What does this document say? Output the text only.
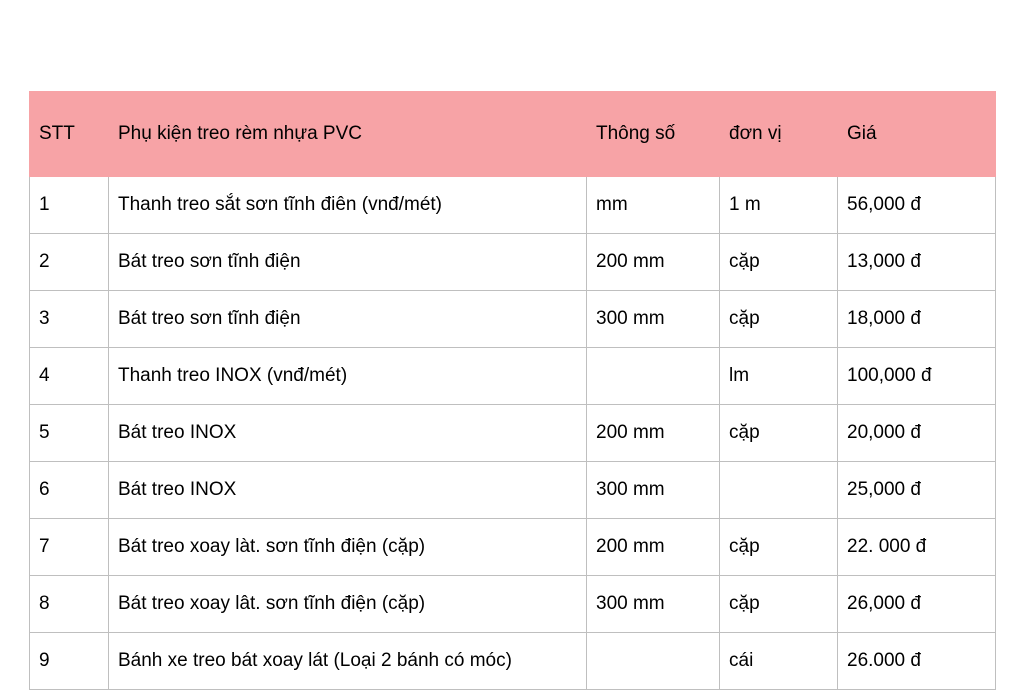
STT	Phụ kiện treo rèm nhựa PVC	Thông số	đơn vị	Giá
1	Thanh treo sắt sơn tĩnh điên (vnđ/mét)	mm	1 m	56,000 đ
2	Bát treo sơn tĩnh điện	200 mm	cặp	13,000 đ
3	Bát treo sơn tĩnh điện	300 mm	cặp	18,000 đ
4	Thanh treo INOX (vnđ/mét)		lm	100,000 đ
5	Bát treo INOX	200 mm	cặp	20,000 đ
6	Bát treo INOX	300 mm		25,000 đ
7	Bát treo xoay làt. sơn tĩnh điện (cặp)	200 mm	cặp	22. 000 đ
8	Bát treo xoay lât. sơn tĩnh điện (cặp)	300 mm	cặp	26,000 đ
9	Bánh xe treo bát xoay lát (Loại 2 bánh có móc)		cái	26.000 đ
